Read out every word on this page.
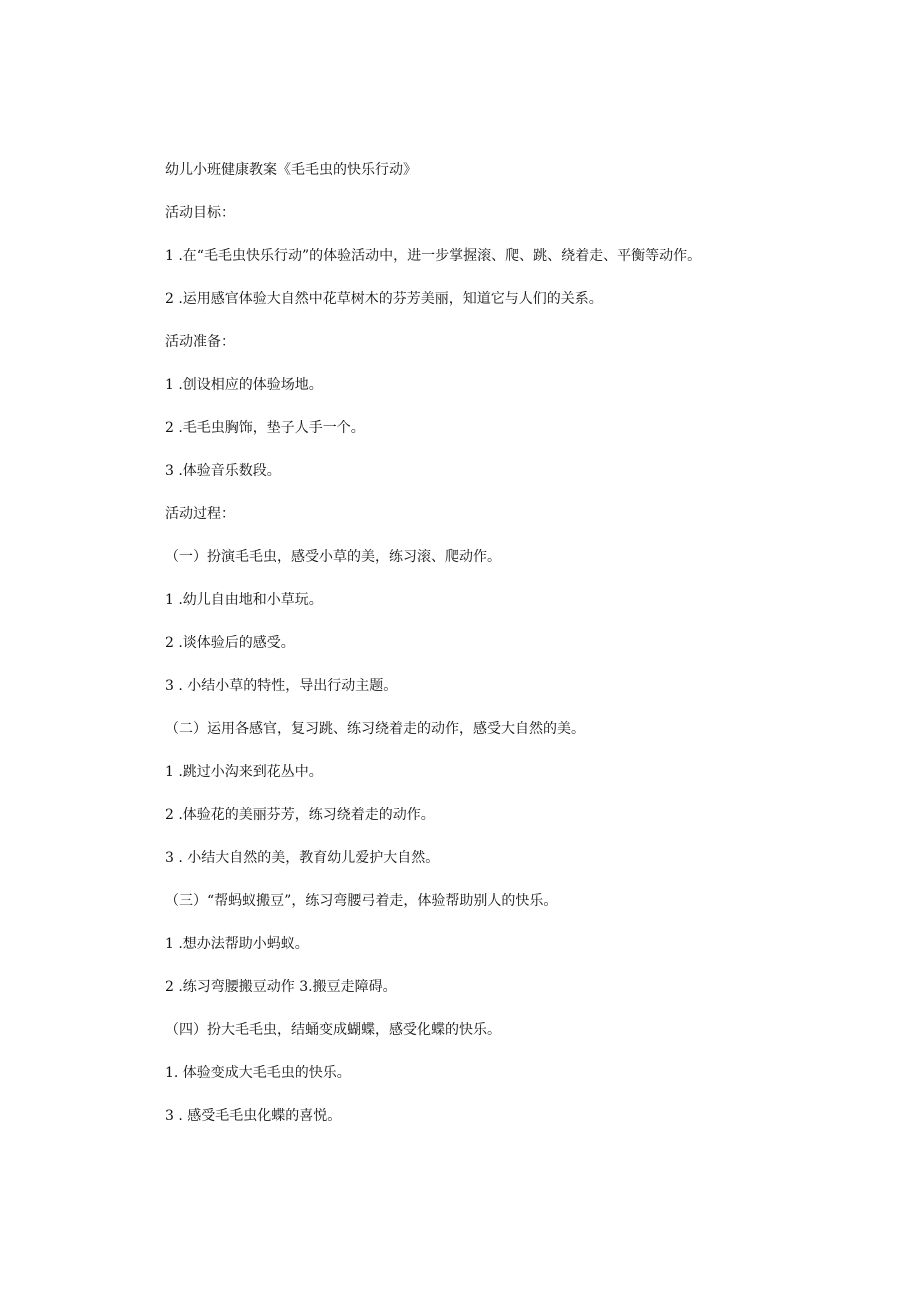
幼儿小班健康教案《毛毛虫的快乐行动》
活动目标：
1 .在“毛毛虫快乐行动”的体验活动中，进一步掌握滚、爬、跳、绕着走、平衡等动作。
2 .运用感官体验大自然中花草树木的芬芳美丽，知道它与人们的关系。
活动准备：
1 .创设相应的体验场地。
2 .毛毛虫胸饰，垫子人手一个。
3 .体验音乐数段。
活动过程：
（一）扮演毛毛虫，感受小草的美，练习滚、爬动作。
1 .幼儿自由地和小草玩。
2 .谈体验后的感受。
3 . 小结小草的特性，导出行动主题。
（二）运用各感官，复习跳、练习绕着走的动作，感受大自然的美。
1 .跳过小沟来到花丛中。
2 .体验花的美丽芬芳，练习绕着走的动作。
3 . 小结大自然的美，教育幼儿爱护大自然。
（三）“帮蚂蚁搬豆”，练习弯腰弓着走，体验帮助别人的快乐。
1 .想办法帮助小蚂蚁。
2 .练习弯腰搬豆动作 3.搬豆走障碍。
（四）扮大毛毛虫，结蛹变成蝴蝶，感受化蝶的快乐。
1. 体验变成大毛毛虫的快乐。
3 . 感受毛毛虫化蝶的喜悦。
